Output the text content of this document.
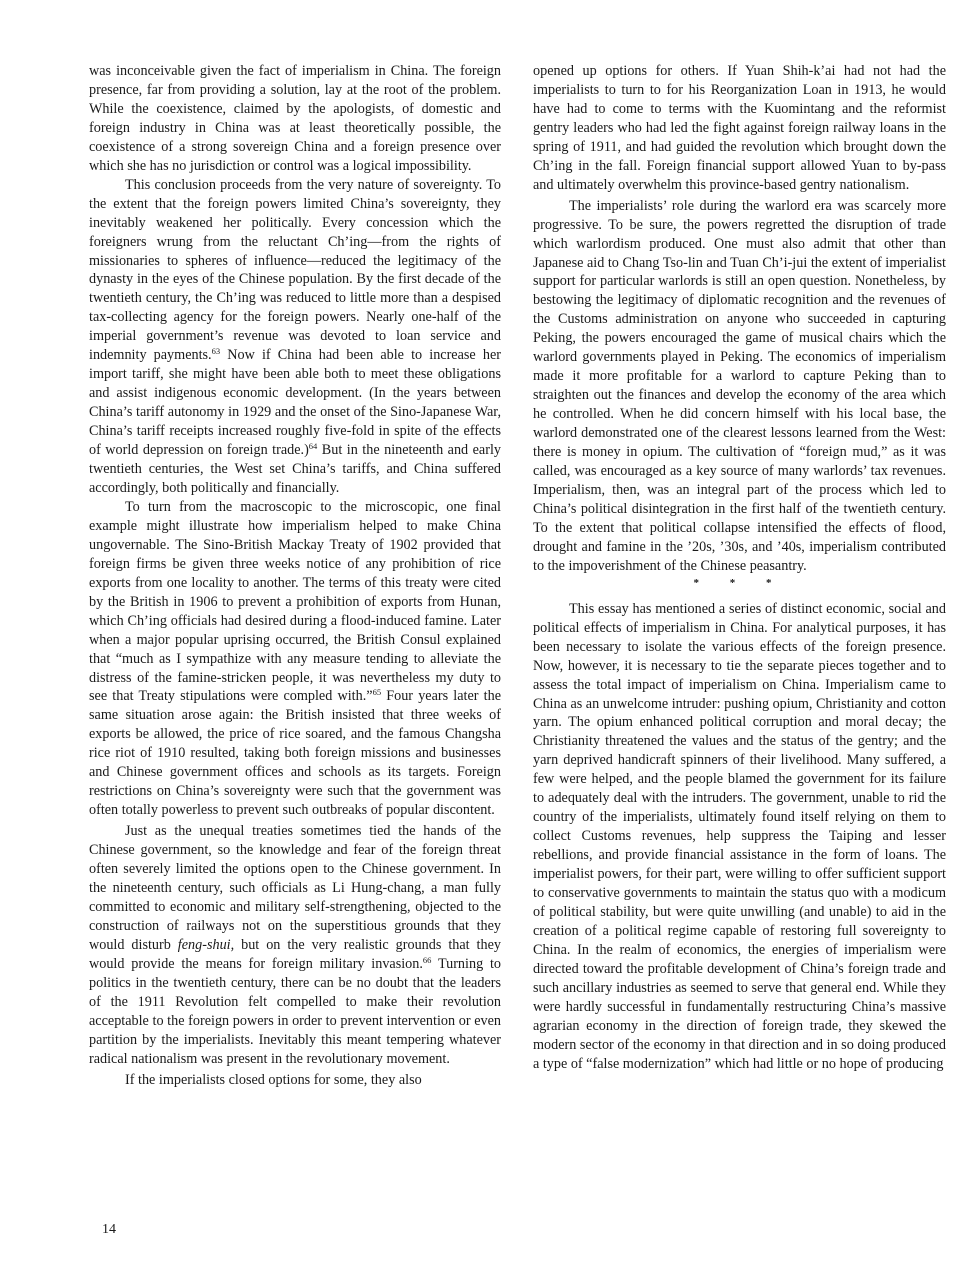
was inconceivable given the fact of imperialism in China. The foreign presence, far from providing a solution, lay at the root of the problem. While the coexistence, claimed by the apologists, of domestic and foreign industry in China was at least theoretically possible, the coexistence of a strong sovereign China and a foreign presence over which she has no jurisdiction or control was a logical impossibility.

This conclusion proceeds from the very nature of sovereignty. To the extent that the foreign powers limited China’s sovereignty, they inevitably weakened her politically. Every concession which the foreigners wrung from the reluctant Ch’ing—from the rights of missionaries to spheres of influence—reduced the legitimacy of the dynasty in the eyes of the Chinese population. By the first decade of the twentieth century, the Ch’ing was reduced to little more than a despised tax-collecting agency for the foreign powers. Nearly one-half of the imperial government’s revenue was devoted to loan service and indemnity payments.$^{63}$ Now if China had been able to increase her import tariff, she might have been able both to meet these obligations and assist indigenous economic development. (In the years between China’s tariff autonomy in 1929 and the onset of the Sino-Japanese War, China’s tariff receipts increased roughly five-fold in spite of the effects of world depression on foreign trade.)$^{64}$ But in the nineteenth and early twentieth centuries, the West set China’s tariffs, and China suffered accordingly, both politically and financially.

To turn from the macroscopic to the microscopic, one final example might illustrate how imperialism helped to make China ungovernable. The Sino-British Mackay Treaty of 1902 provided that foreign firms be given three weeks notice of any prohibition of rice exports from one locality to another. The terms of this treaty were cited by the British in 1906 to prevent a prohibition of exports from Hunan, which Ch’ing officials had desired during a flood-induced famine. Later when a major popular uprising occurred, the British Consul explained that “much as I sympathize with any measure tending to alleviate the distress of the famine-stricken people, it was nevertheless my duty to see that Treaty stipulations were compled with.”$^{65}$ Four years later the same situation arose again: the British insisted that three weeks of exports be allowed, the price of rice soared, and the famous Changsha rice riot of 1910 resulted, taking both foreign missions and businesses and Chinese government offices and schools as its targets. Foreign restrictions on China’s sovereignty were such that the government was often totally powerless to prevent such outbreaks of popular discontent.

Just as the unequal treaties sometimes tied the hands of the Chinese government, so the knowledge and fear of the foreign threat often severely limited the options open to the Chinese government. In the nineteenth century, such officials as Li Hung-chang, a man fully committed to economic and military self-strengthening, objected to the construction of railways not on the superstitious grounds that they would disturb feng-shui, but on the very realistic grounds that they would provide the means for foreign military invasion.$^{66}$ Turning to politics in the twentieth century, there can be no doubt that the leaders of the 1911 Revolution felt compelled to make their revolution acceptable to the foreign powers in order to prevent intervention or even partition by the imperialists. Inevitably this meant tempering whatever radical nationalism was present in the revolutionary movement.

If the imperialists closed options for some, they also

opened up options for others. If Yuan Shih-k’ai had not had the imperialists to turn to for his Reorganization Loan in 1913, he would have had to come to terms with the Kuomintang and the reformist gentry leaders who had led the fight against foreign railway loans in the spring of 1911, and had guided the revolution which brought down the Ch’ing in the fall. Foreign financial support allowed Yuan to by-pass and ultimately overwhelm this province-based gentry nationalism.

The imperialists’ role during the warlord era was scarcely more progressive. To be sure, the powers regretted the disruption of trade which warlordism produced. One must also admit that other than Japanese aid to Chang Tso-lin and Tuan Ch’i-jui the extent of imperialist support for particular warlords is still an open question. Nonetheless, by bestowing the legitimacy of diplomatic recognition and the revenues of the Customs administration on anyone who succeeded in capturing Peking, the powers encouraged the game of musical chairs which the warlord governments played in Peking. The economics of imperialism made it more profitable for a warlord to capture Peking than to straighten out the finances and develop the economy of the area which he controlled. When he did concern himself with his local base, the warlord demonstrated one of the clearest lessons learned from the West: there is money in opium. The cultivation of “foreign mud,” as it was called, was encouraged as a key source of many warlords’ tax revenues. Imperialism, then, was an integral part of the process which led to China’s political disintegration in the first half of the twentieth century. To the extent that political collapse intensified the effects of flood, drought and famine in the ’20s, ’30s, and ’40s, imperialism contributed to the impoverishment of the Chinese peasantry.

* * *

This essay has mentioned a series of distinct economic, social and political effects of imperialism in China. For analytical purposes, it has been necessary to isolate the various effects of the foreign presence. Now, however, it is necessary to tie the separate pieces together and to assess the total impact of imperialism on China. Imperialism came to China as an unwelcome intruder: pushing opium, Christianity and cotton yarn. The opium enhanced political corruption and moral decay; the Christianity threatened the values and the status of the gentry; and the yarn deprived handicraft spinners of their livelihood. Many suffered, a few were helped, and the people blamed the government for its failure to adequately deal with the intruders. The government, unable to rid the country of the imperialists, ultimately found itself relying on them to collect Customs revenues, help suppress the Taiping and lesser rebellions, and provide financial assistance in the form of loans. The imperialist powers, for their part, were willing to offer sufficient support to conservative governments to maintain the status quo with a modicum of political stability, but were quite unwilling (and unable) to aid in the creation of a political regime capable of restoring full sovereignty to China. In the realm of economics, the energies of imperialism were directed toward the profitable development of China’s foreign trade and such ancillary industries as seemed to serve that general end. While they were hardly successful in fundamentally restructuring China’s massive agrarian economy in the direction of foreign trade, they skewed the modern sector of the economy in that direction and in so doing produced a type of “false modernization” which had little or no hope of producing

14
